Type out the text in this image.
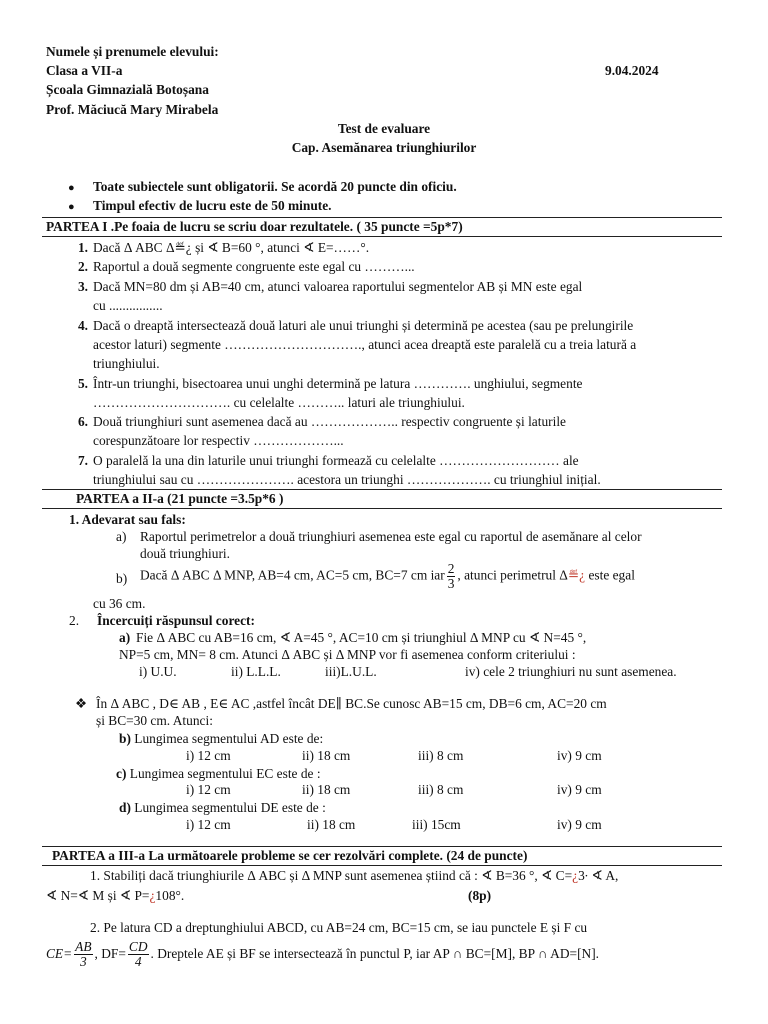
Numele și prenumele elevului:
Clasa a VII-a	9.04.2024
Școala Gimnazială Botoșana
Prof. Măciucă Mary Mirabela
Test de evaluare
Cap. Asemănarea triunghiurilor
● Toate subiectele sunt obligatorii. Se acordă 20 puncte din oficiu.
● Timpul efectiv de lucru este de 50 minute.
PARTEA I .Pe foaia de lucru se scriu doar rezultatele. ( 35 puncte =5p*7)
1. Dacă Δ ABC Δ≝¿ și ∢ B=60 °, atunci ∢ E=……°.
2. Raportul a două segmente congruente este egal cu ………...
3. Dacă MN=80 dm și AB=40 cm, atunci valoarea raportului segmentelor AB și MN este egal
cu ................
4. Dacă o dreaptă intersectează două laturi ale unui triunghi și determină pe acestea (sau pe prelungirile
acestor laturi) segmente …………………………., atunci acea dreaptă este paralelă cu a treia latură a
triunghiului.
5. Într-un triunghi, bisectoarea unui unghi determină pe latura …………. unghiului, segmente
…………………………. cu celelalte ……….. laturi ale triunghiului.
6. Două triunghiuri sunt asemenea dacă au ……………….. respectiv congruente și laturile
corespunzătoare lor respectiv ………………...
7. O paralelă la una din laturile unui triunghi formează cu celelalte ……………………… ale
triunghiului sau cu …………………. acestora un triunghi ………………. cu triunghiul inițial.
PARTEA a II-a (21 puncte =3.5p*6 )
1. Adevarat sau fals:
a) Raportul perimetrelor a două triunghiuri asemenea este egal cu raportul de asemănare al celor
două triunghiuri.
b) Dacă Δ ABC Δ MNP, AB=4 cm, AC=5 cm, BC=7 cm iar $\frac{2}{3}$ , atunci perimetrul Δ≝¿ este egal
cu 36 cm.
2. Încercuiți răspunsul corect:
a) Fie Δ ABC cu AB=16 cm, ∢ A=45 °, AC=10 cm și triunghiul Δ MNP cu ∢ N=45 °,
NP=5 cm, MN= 8 cm. Atunci Δ ABC și Δ MNP vor fi asemenea conform criteriului :
i) U.U.	ii) L.L.L.	iii)L.U.L.	iv) cele 2 triunghiuri nu sunt asemenea.
❖ În Δ ABC , D∈ AB , E∈ AC ,astfel încât DE∥ BC.Se cunosc AB=15 cm, DB=6 cm, AC=20 cm
și BC=30 cm. Atunci:
b) Lungimea segmentului AD este de:
i) 12 cm	ii) 18 cm	iii) 8 cm	iv) 9 cm
c) Lungimea segmentului EC este de :
i) 12 cm	ii) 18 cm	iii) 8 cm	iv) 9 cm
d) Lungimea segmentului DE este de :
i) 12 cm	ii) 18 cm	iii) 15cm	iv) 9 cm
PARTEA a III-a La următoarele probleme se cer rezolvări complete. (24 de puncte)
1. Stabiliți dacă triunghiurile Δ ABC și Δ MNP sunt asemenea știind că : ∢ B=36 °, ∢ C=¿3∙ ∢ A,
∢ N=∢ M și ∢ P=¿108°.	(8p)
2. Pe latura CD a dreptunghiului ABCD, cu AB=24 cm, BC=15 cm, se iau punctele E și F cu
$CE= \frac{AB}{3}$ , $DF= \frac{CD}{4}$ . Dreptele AE și BF se intersectează în punctul P, iar AP ∩ BC=[M], BP ∩ AD=[N].
